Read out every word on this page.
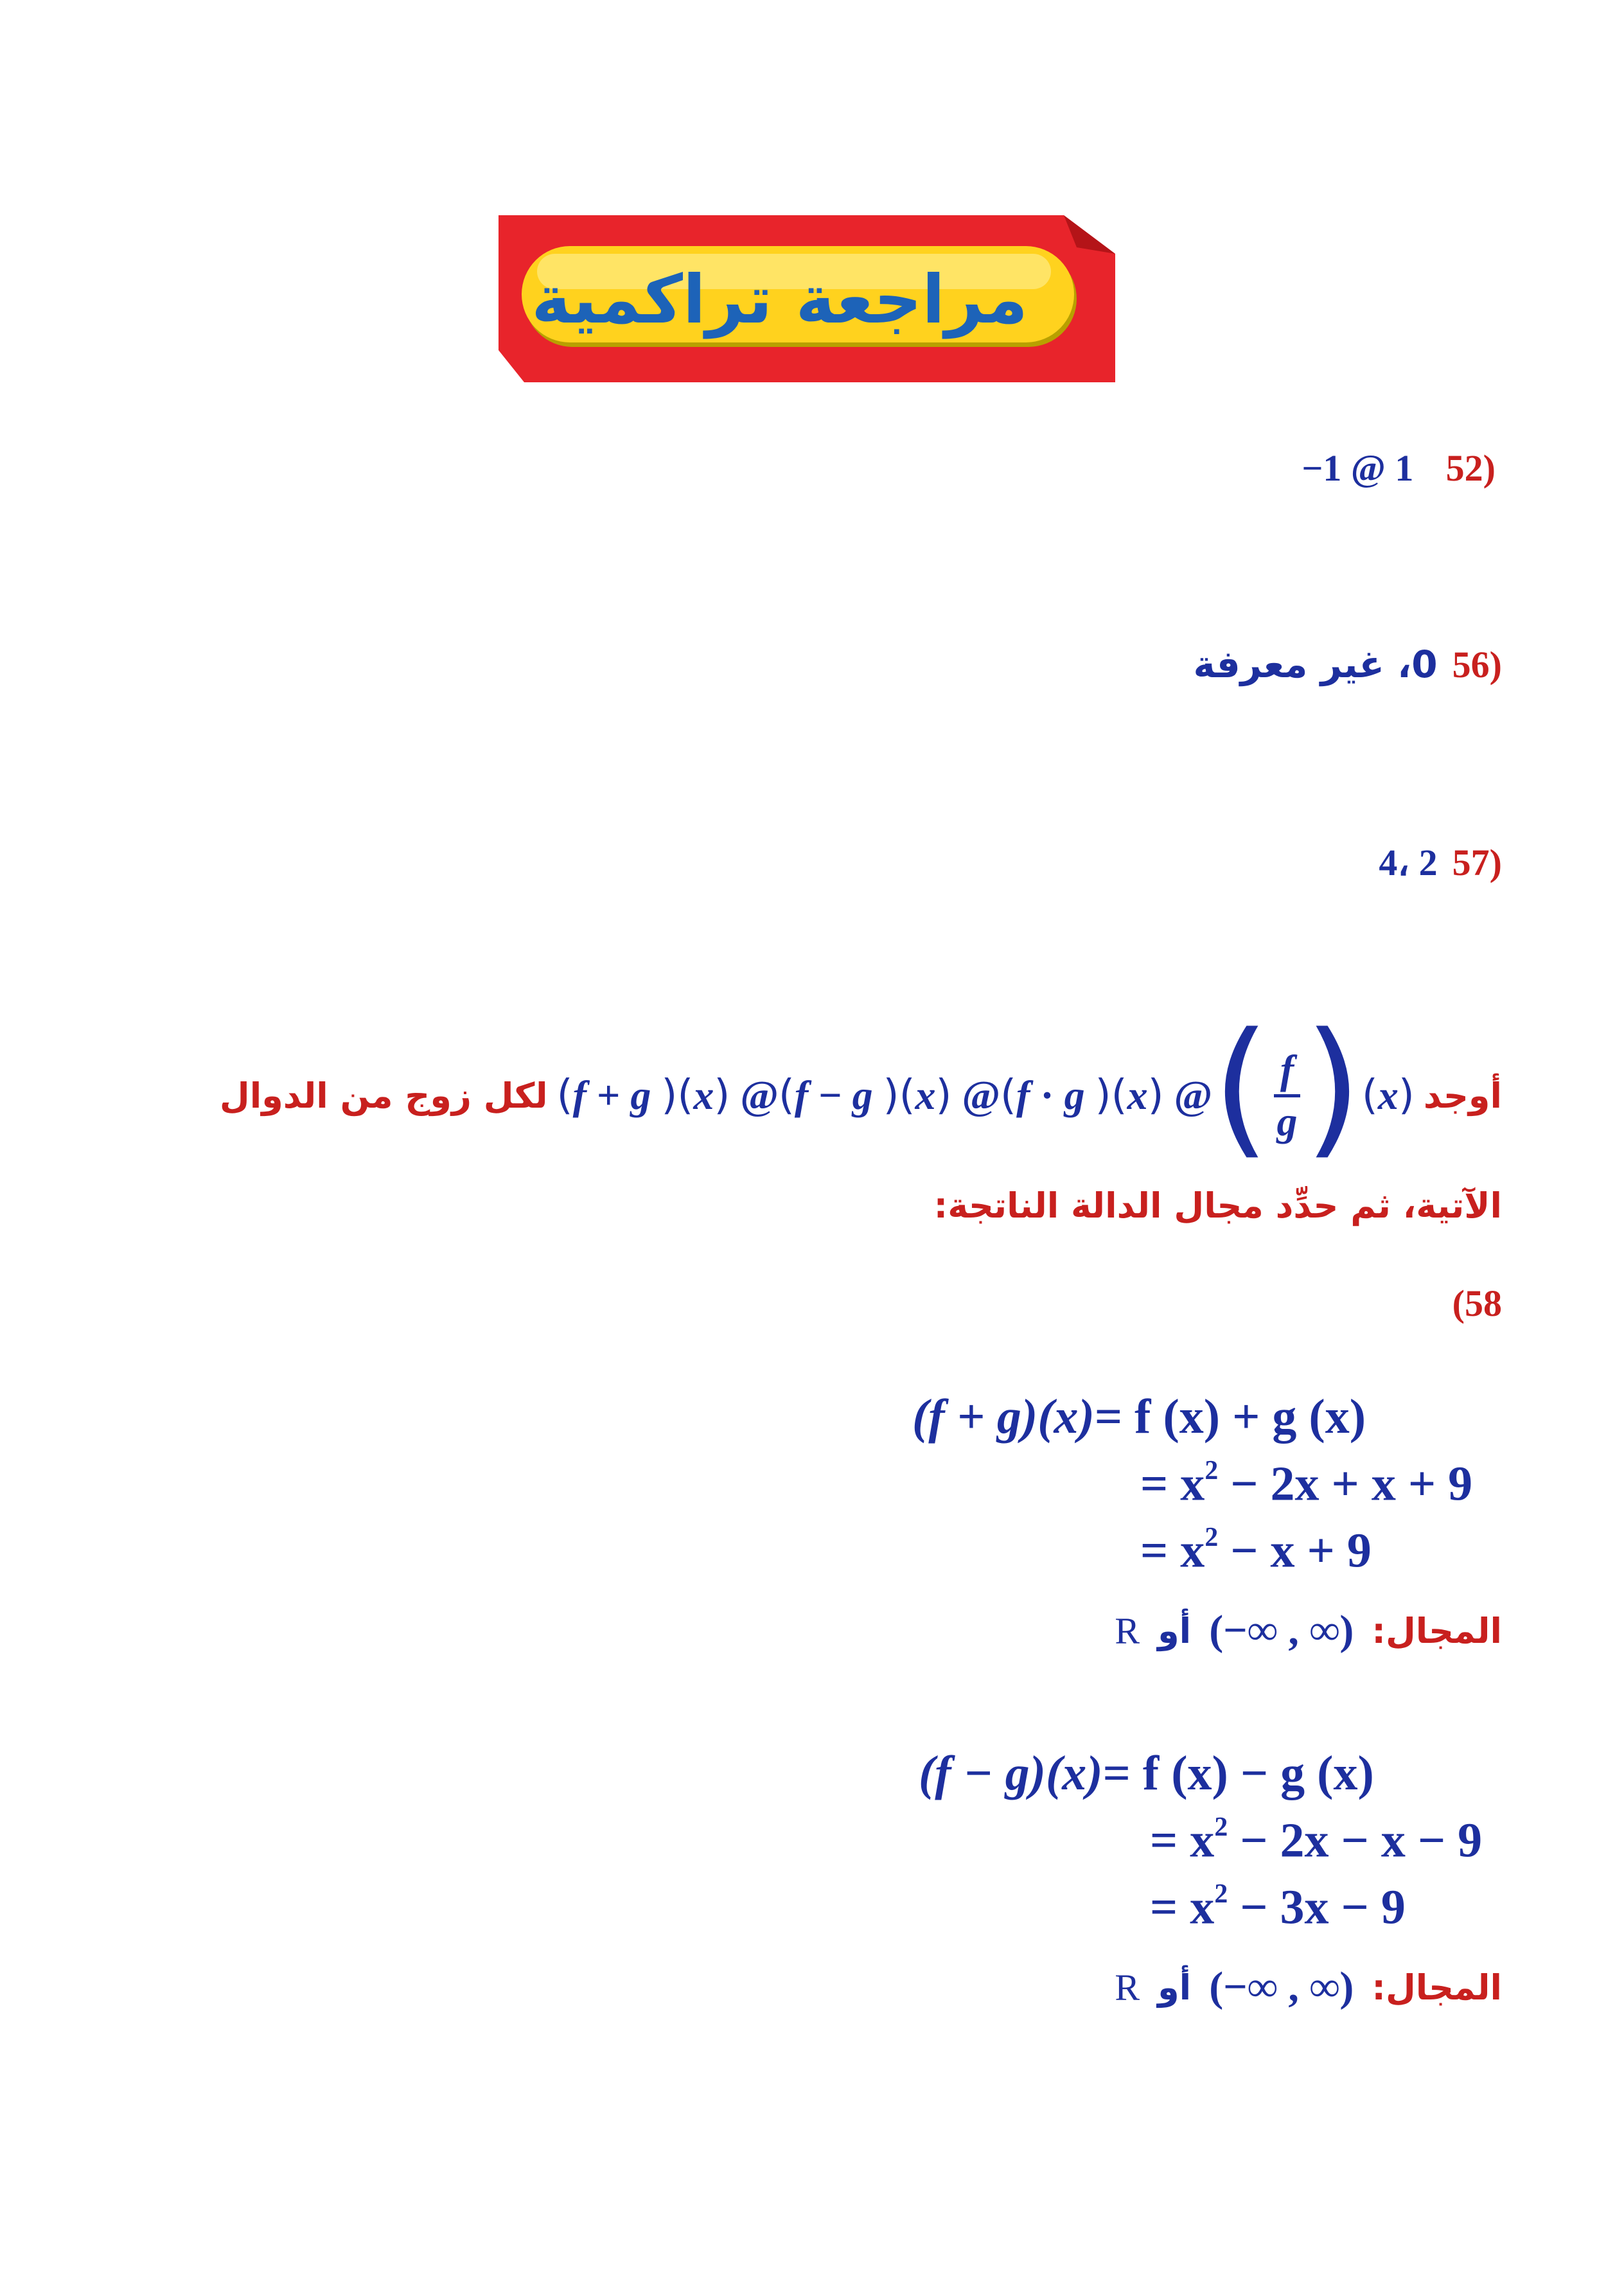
مراجعة تراكمية
(52 −1 @ 1
(56 0، غير معرفة
(57 2 ،4
أوجد
( f + g
)( x )
@ ( f − g
)( x )
@ ( f · g
)( x )
@ ( $\frac{f}{g}$ ) ( x )
لكل زوج من الدوال
الآتية، ثم حدِّد مجال الدالة الناتجة:
(58
(f + g)(x)= f (x) + g (x)
= $x^2 - 2x + x + 9$
= $x^2 - x + 9$
المجال:
(−∞ , ∞)
أو
R
(f − g)(x)= f (x) − g (x)
= $x^2 - 2x - x - 9$
= $x^2 - 3x - 9$
المجال:
(−∞ , ∞)
أو
R
